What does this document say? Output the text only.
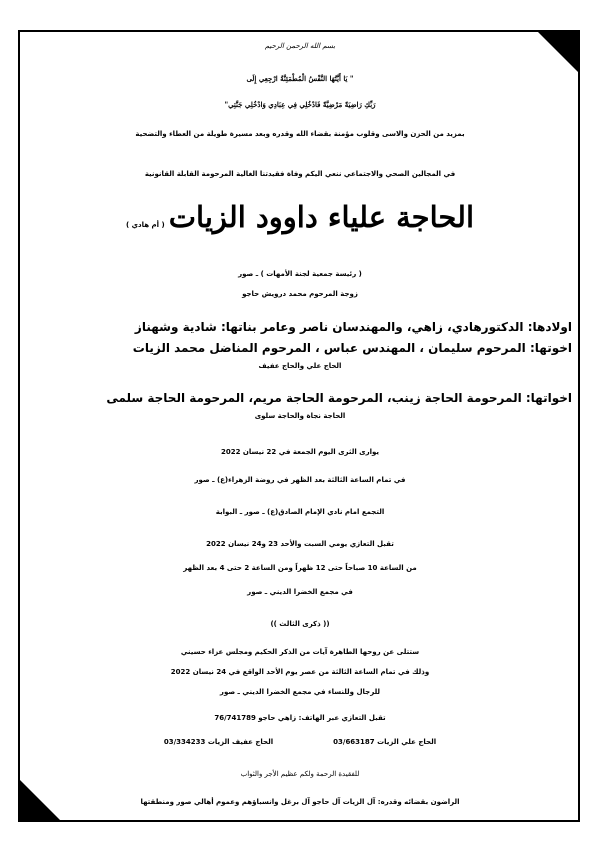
بسم الله الرحمن الرحيم
" يَا أَيَّتُهَا النَّفْسُ الْمُطْمَئِنَّةُ ارْجِعِي إِلَى
رَبِّكِ رَاضِيَةً مَرْضِيَّةً فَادْخُلِي فِي عِبَادِي وَادْخُلِي جَنَّتِي"
بمزيد من الحزن والاسى وقلوب مؤمنة بقضاء الله وقدره وبعد مسيرة طويلة من العطاء والتضحية
في المجالين الصحي والاجتماعي ننعي اليكم وفاة فقيدتنا الغالية المرحومة القابلة القانونية
الحاجة علياء داوود الزيات( أم هادي )
( رئيسة جمعية لجنة الأمهات ) ـ صور
زوجة المرحوم محمد درويش حاجو
اولادها: الدكتورهادي، زاهي، والمهندسان ناصر وعامر بناتها: شادية وشهناز
اخوتها: المرحوم سليمان ، المهندس عباس ، المرحوم المناضل محمد الزيات
الحاج علي والحاج عفيف
اخواتها: المرحومة الحاجة زينب، المرحومة الحاجة مريم، المرحومة الحاجة سلمى
الحاجة نجاة والحاجة سلوى
يوارى الثرى اليوم الجمعة في 22 نيسان 2022
في تمام الساعة الثالثة بعد الظهر في روضة الزهراء(ع) ـ صور
التجمع امام نادي الإمام الصادق(ع) ـ صور ـ البوابة
تقبل التعازي يومي السبت والأحد 23 و24 نيسان 2022
من الساعة 10 صباحاً حتى 12 ظهراً ومن الساعة 2 حتى 4 بعد الظهر
في مجمع الخضرا الديني ـ صور
(( ذكرى الثالث ))
ستتلى عن روحها الطاهرة آيات من الذكر الحكيم ومجلس عزاء حسيني
وذلك في تمام الساعة الثالثة من عصر يوم الأحد الواقع في 24 نيسان 2022
للرجال وللنساء في مجمع الخضرا الديني ـ صور
تقبل التعازي عبر الهاتف: زاهي حاجو 76/741789
الحاج علي الزيات 03/663187الحاج عفيف الزيات 03/334233
للفقيدة الرحمة ولكم عظيم الأجر والثواب
الراضون بقضائه وقدره: آل الزيات آل حاجو آل برغل وانسباؤهم وعموم أهالي صور ومنطقتها
